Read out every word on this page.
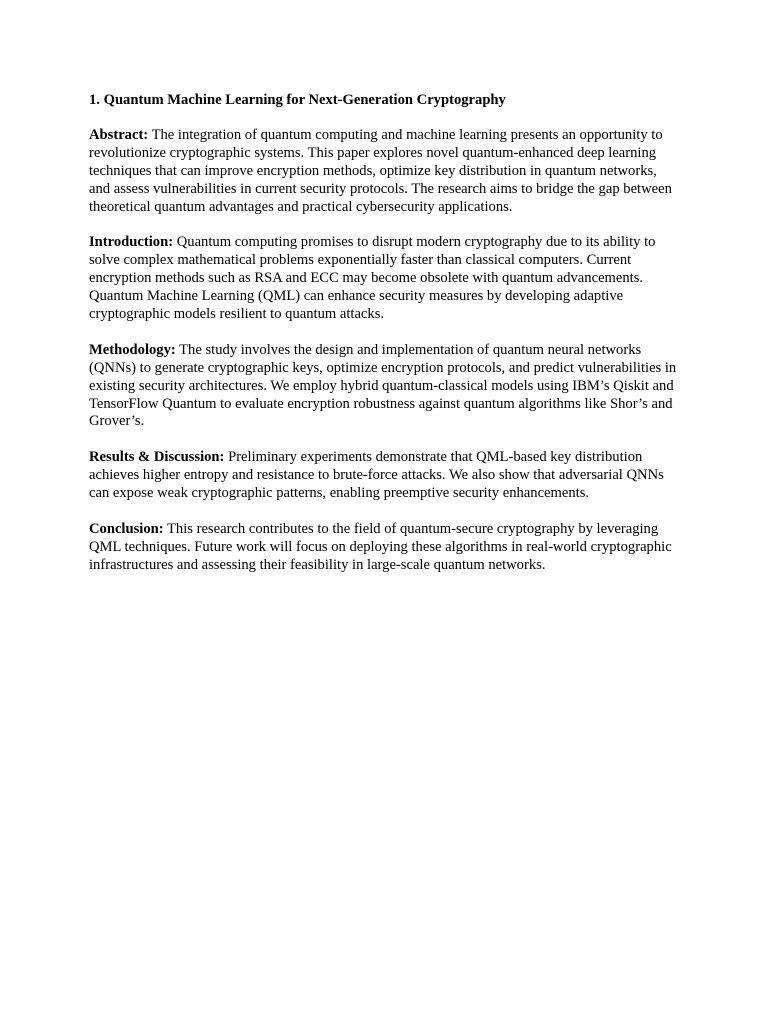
1. Quantum Machine Learning for Next-Generation Cryptography

Abstract: The integration of quantum computing and machine learning presents an opportunity to revolutionize cryptographic systems. This paper explores novel quantum-enhanced deep learning techniques that can improve encryption methods, optimize key distribution in quantum networks, and assess vulnerabilities in current security protocols. The research aims to bridge the gap between theoretical quantum advantages and practical cybersecurity applications.

Introduction: Quantum computing promises to disrupt modern cryptography due to its ability to solve complex mathematical problems exponentially faster than classical computers. Current encryption methods such as RSA and ECC may become obsolete with quantum advancements. Quantum Machine Learning (QML) can enhance security measures by developing adaptive cryptographic models resilient to quantum attacks.

Methodology: The study involves the design and implementation of quantum neural networks (QNNs) to generate cryptographic keys, optimize encryption protocols, and predict vulnerabilities in existing security architectures. We employ hybrid quantum-classical models using IBM’s Qiskit and TensorFlow Quantum to evaluate encryption robustness against quantum algorithms like Shor’s and Grover’s.

Results & Discussion: Preliminary experiments demonstrate that QML-based key distribution achieves higher entropy and resistance to brute-force attacks. We also show that adversarial QNNs can expose weak cryptographic patterns, enabling preemptive security enhancements.

Conclusion: This research contributes to the field of quantum-secure cryptography by leveraging QML techniques. Future work will focus on deploying these algorithms in real-world cryptographic infrastructures and assessing their feasibility in large-scale quantum networks.
